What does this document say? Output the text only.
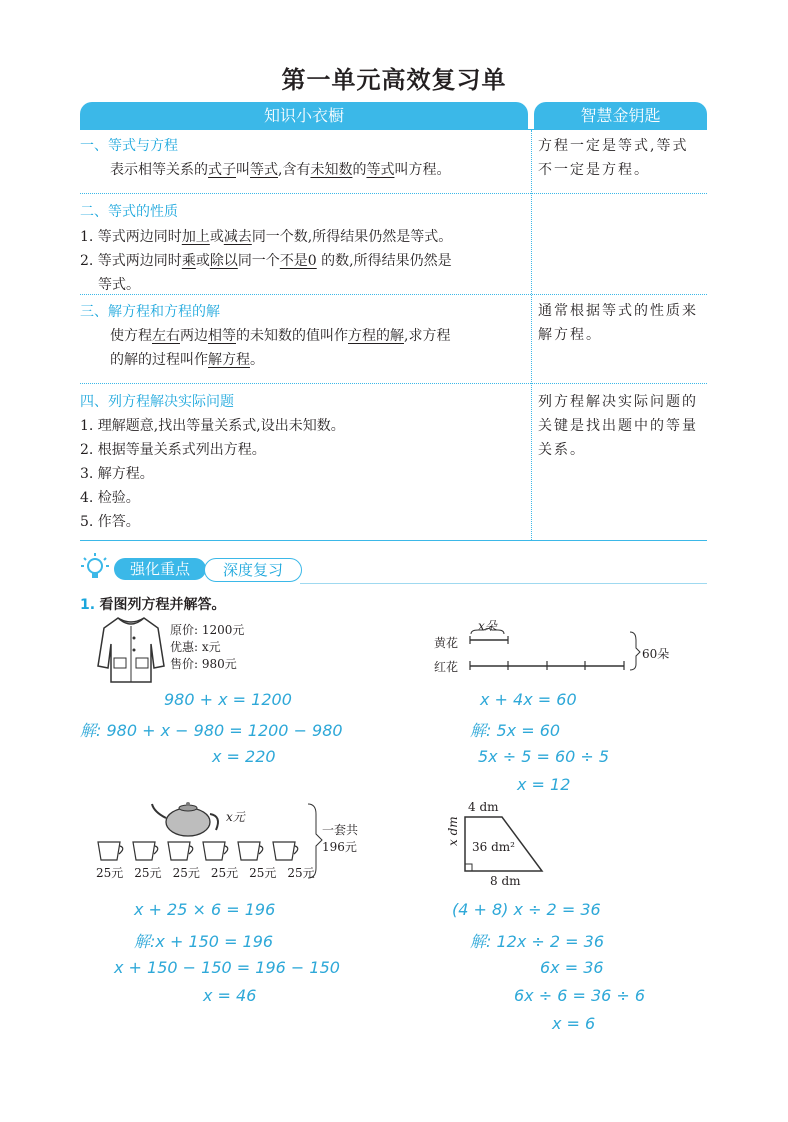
第一单元高效复习单
知识小衣橱	智慧金钥匙
一、等式与方程
表示相等关系的式子叫等式,含有未知数的等式叫方程。
方程一定是等式,等式
不一定是方程。
二、等式的性质
1. 等式两边同时加上或减去同一个数,所得结果仍然是等式。
2. 等式两边同时乘或除以同一个不是0 的数,所得结果仍然是
等式。
三、解方程和方程的解
使方程左右两边相等的未知数的值叫作方程的解,求方程
的解的过程叫作解方程。
通常根据等式的性质来
解方程。
四、列方程解决实际问题
1. 理解题意,找出等量关系式,设出未知数。
2. 根据等量关系式列出方程。
3. 解方程。
4. 检验。
5. 作答。
列方程解决实际问题的
关键是找出题中的等量
关系。
强化重点	深度复习
1. 看图列方程并解答。
原价: 1200元
优惠: x元
售价: 980元
980 + x = 1200
解: 980 + x − 980 = 1200 − 980
x = 220
x朵
黄花
红花
60朵
x + 4x = 60
解: 5x = 60
5x ÷ 5 = 60 ÷ 5
x = 12
x元
25元 25元 25元 25元 25元 25元
一套共
196元
x + 25 × 6 = 196
解:x + 150 = 196
x + 150 − 150 = 196 − 150
x = 46
4 dm
x dm
36 dm²
8 dm
(4 + 8) x ÷ 2 = 36
解: 12x ÷ 2 = 36
6x = 36
6x ÷ 6 = 36 ÷ 6
x = 6
